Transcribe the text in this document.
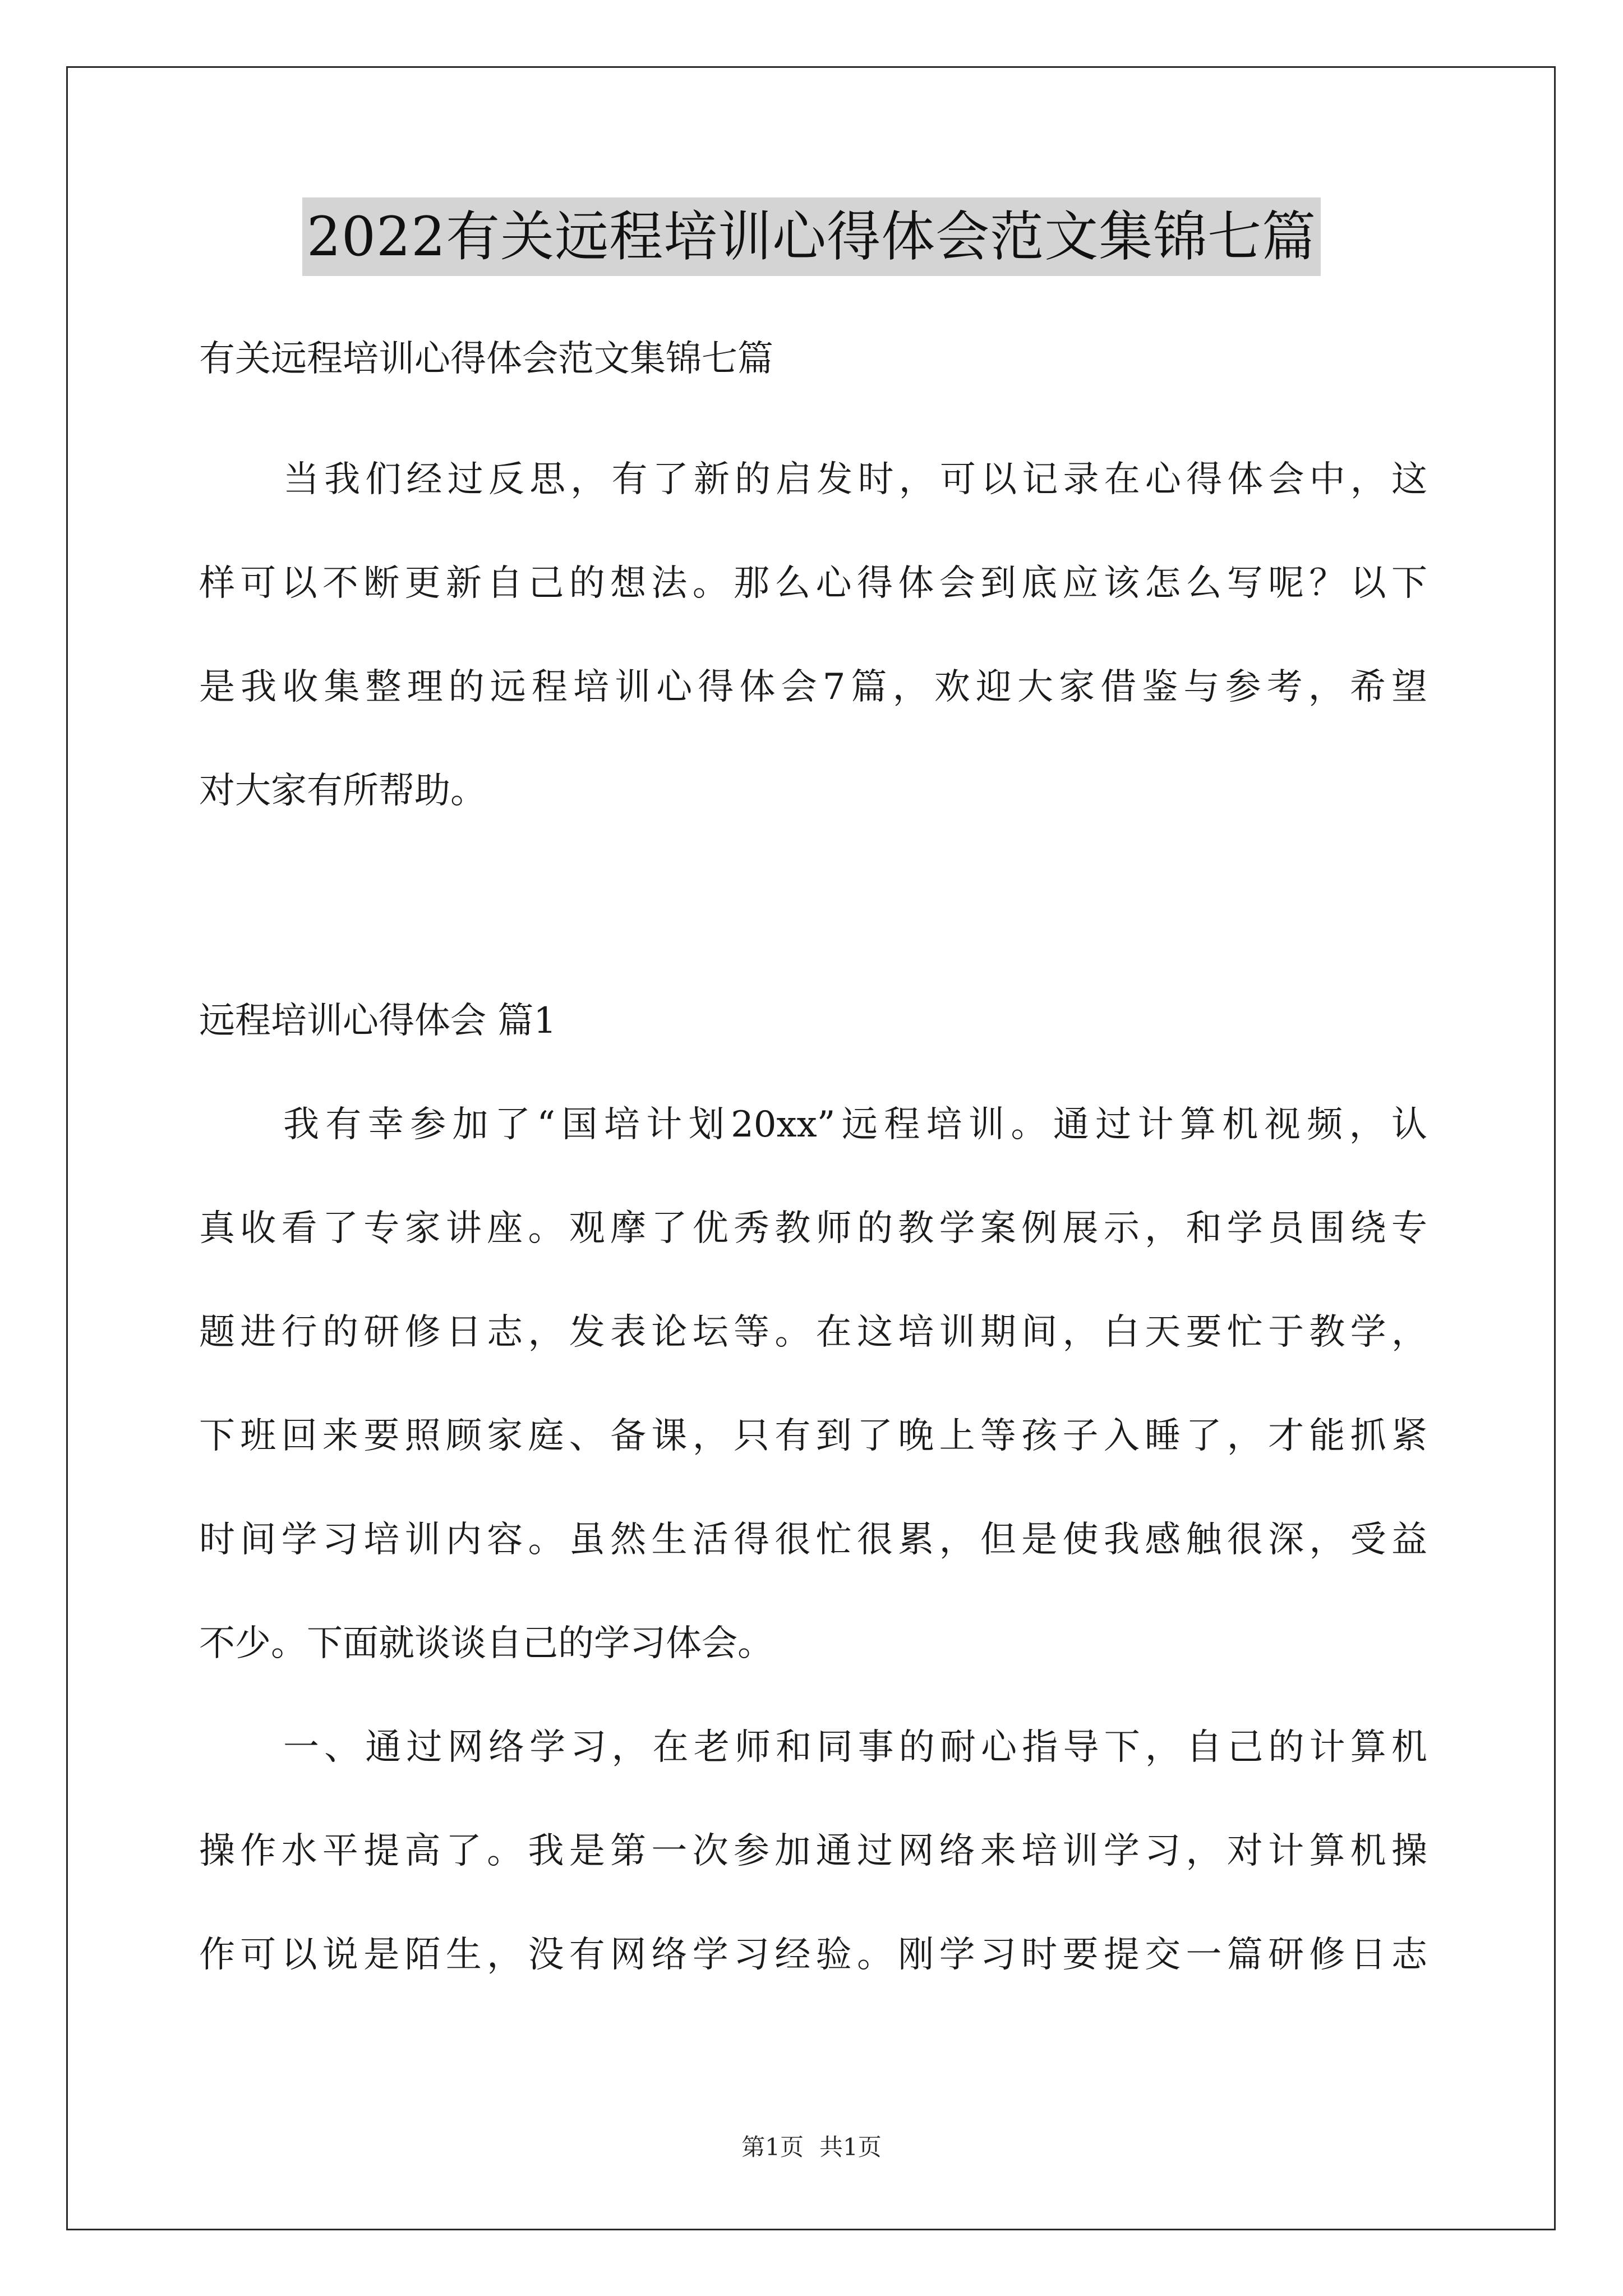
2022有关远程培训心得体会范文集锦七篇
有关远程培训心得体会范文集锦七篇
当我们经过反思，有了新的启发时，可以记录在心得体会中，这
样可以不断更新自己的想法。那么心得体会到底应该怎么写呢？以下
是我收集整理的远程培训心得体会7篇，欢迎大家借鉴与参考，希望
对大家有所帮助。
远程培训心得体会 篇1
我有幸参加了“国培计划20xx”远程培训。通过计算机视频，认
真收看了专家讲座。观摩了优秀教师的教学案例展示，和学员围绕专
题进行的研修日志，发表论坛等。在这培训期间，白天要忙于教学，
下班回来要照顾家庭、备课，只有到了晚上等孩子入睡了，才能抓紧
时间学习培训内容。虽然生活得很忙很累，但是使我感触很深，受益
不少。下面就谈谈自己的学习体会。
一、通过网络学习，在老师和同事的耐心指导下，自己的计算机
操作水平提高了。我是第一次参加通过网络来培训学习，对计算机操
作可以说是陌生，没有网络学习经验。刚学习时要提交一篇研修日志
第1页 共1页
